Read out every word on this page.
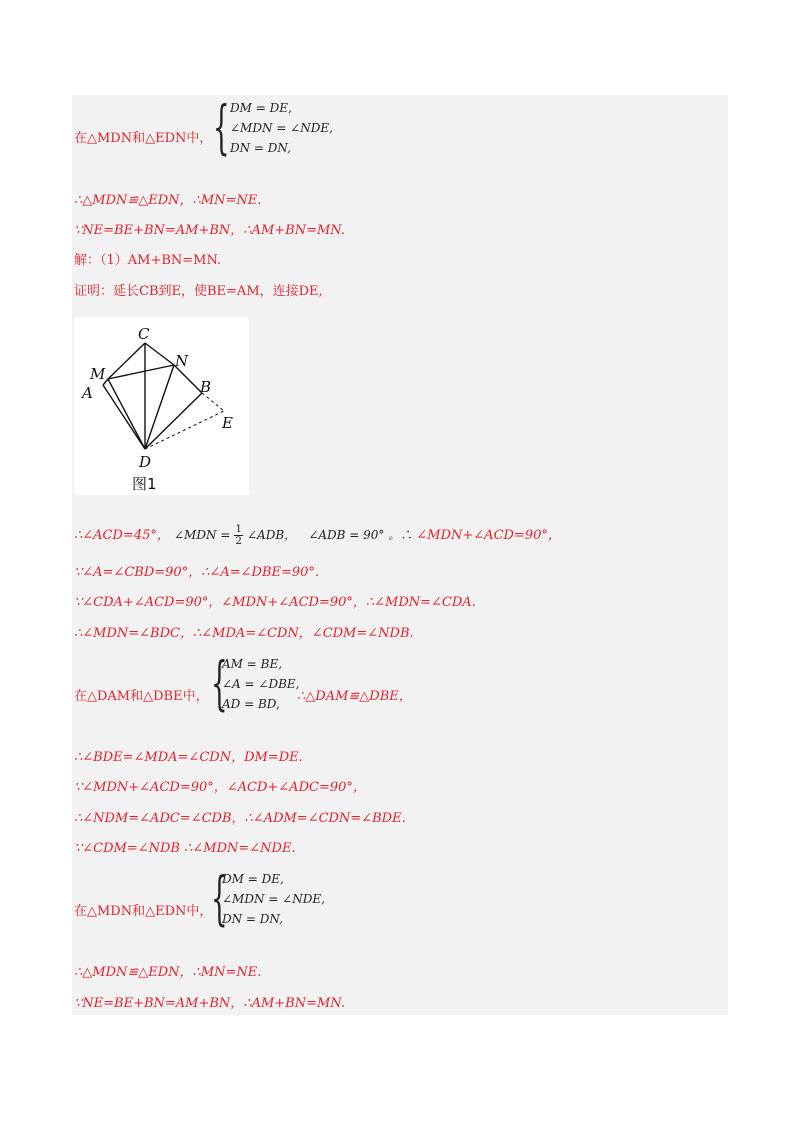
在△MDN和△EDN中， { DM = DE,
∠MDN = ∠NDE,
DN = DN,
∴△MDN≌△EDN，∴MN=NE.
∵NE=BE+BN=AM+BN，∴AM+BN=MN.
解：（1）AM+BN=MN.
证明：延长CB到E，使BE=AM，连接DE,
C
N
M
A	B
E
D
图1
∴∠ACD=45°， ∠MDN = $\frac{1}{2}$ ∠ADB， ∠ADB = 90° 。∴ ∠MDN+∠ACD=90°，
∵∠A=∠CBD=90°，∴∠A=∠DBE=90°.
∵∠CDA+∠ACD=90°，∠MDN+∠ACD=90°，∴∠MDN=∠CDA.
∴∠MDN=∠BDC，∴∠MDA=∠CDN，∠CDM=∠NDB.
在△DAM和△DBE中， {
AM = BE,
∠A = ∠DBE,
AD = BD,	∴△DAM≌△DBE，
∴∠BDE=∠MDA=∠CDN，DM=DE.
∵∠MDN+∠ACD=90°，∠ACD+∠ADC=90°，
∴∠NDM=∠ADC=∠CDB，∴∠ADM=∠CDN=∠BDE.
∵∠CDM=∠NDB ∴∠MDN=∠NDE.
在△MDN和△EDN中，
{
DM = DE,
∠MDN = ∠NDE,
DN = DN,
∴△MDN≌△EDN，∴MN=NE.
∵NE=BE+BN=AM+BN，∴AM+BN=MN.
